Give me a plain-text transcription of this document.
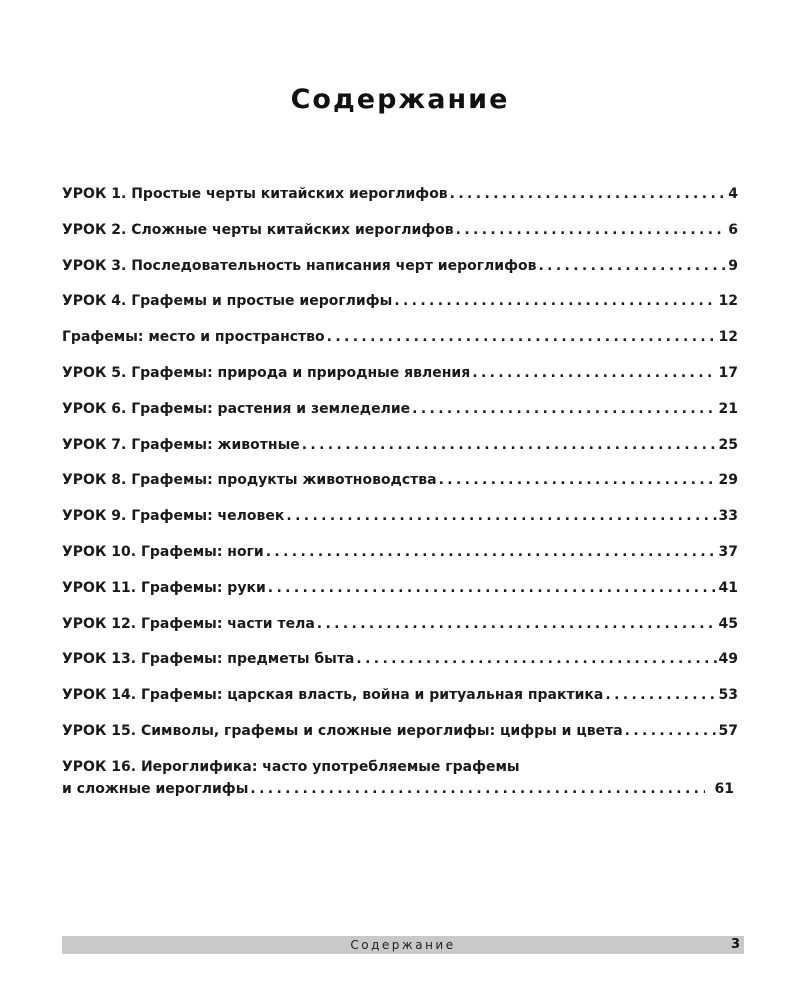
Содержание
УРОК 1. Простые черты китайских иероглифов . . .	4
УРОК 2. Сложные черты китайских иероглифов . . .	6
УРОК 3. Последовательность написания черт иероглифов . . .	9
УРОК 4. Графемы и простые иероглифы . . .	12
Графемы: место и пространство . . .	12
УРОК 5. Графемы: природа и природные явления . . .	17
УРОК 6. Графемы: растения и земледелие . . .	21
УРОК 7. Графемы: животные . . .	25
УРОК 8. Графемы: продукты животноводства . . .	29
УРОК 9. Графемы: человек . . .	33
УРОК 10. Графемы: ноги . . .	37
УРОК 11. Графемы: руки . . .	41
УРОК 12. Графемы: части тела . . .	45
УРОК 13. Графемы: предметы быта . . .	49
УРОК 14. Графемы: царская власть, война и ритуальная практика . . .	53
УРОК 15. Символы, графемы и сложные иероглифы: цифры и цвета . . .	57
УРОК 16. Иероглифика: часто употребляемые графемы
и сложные иероглифы . . .	61
Содержание	3
